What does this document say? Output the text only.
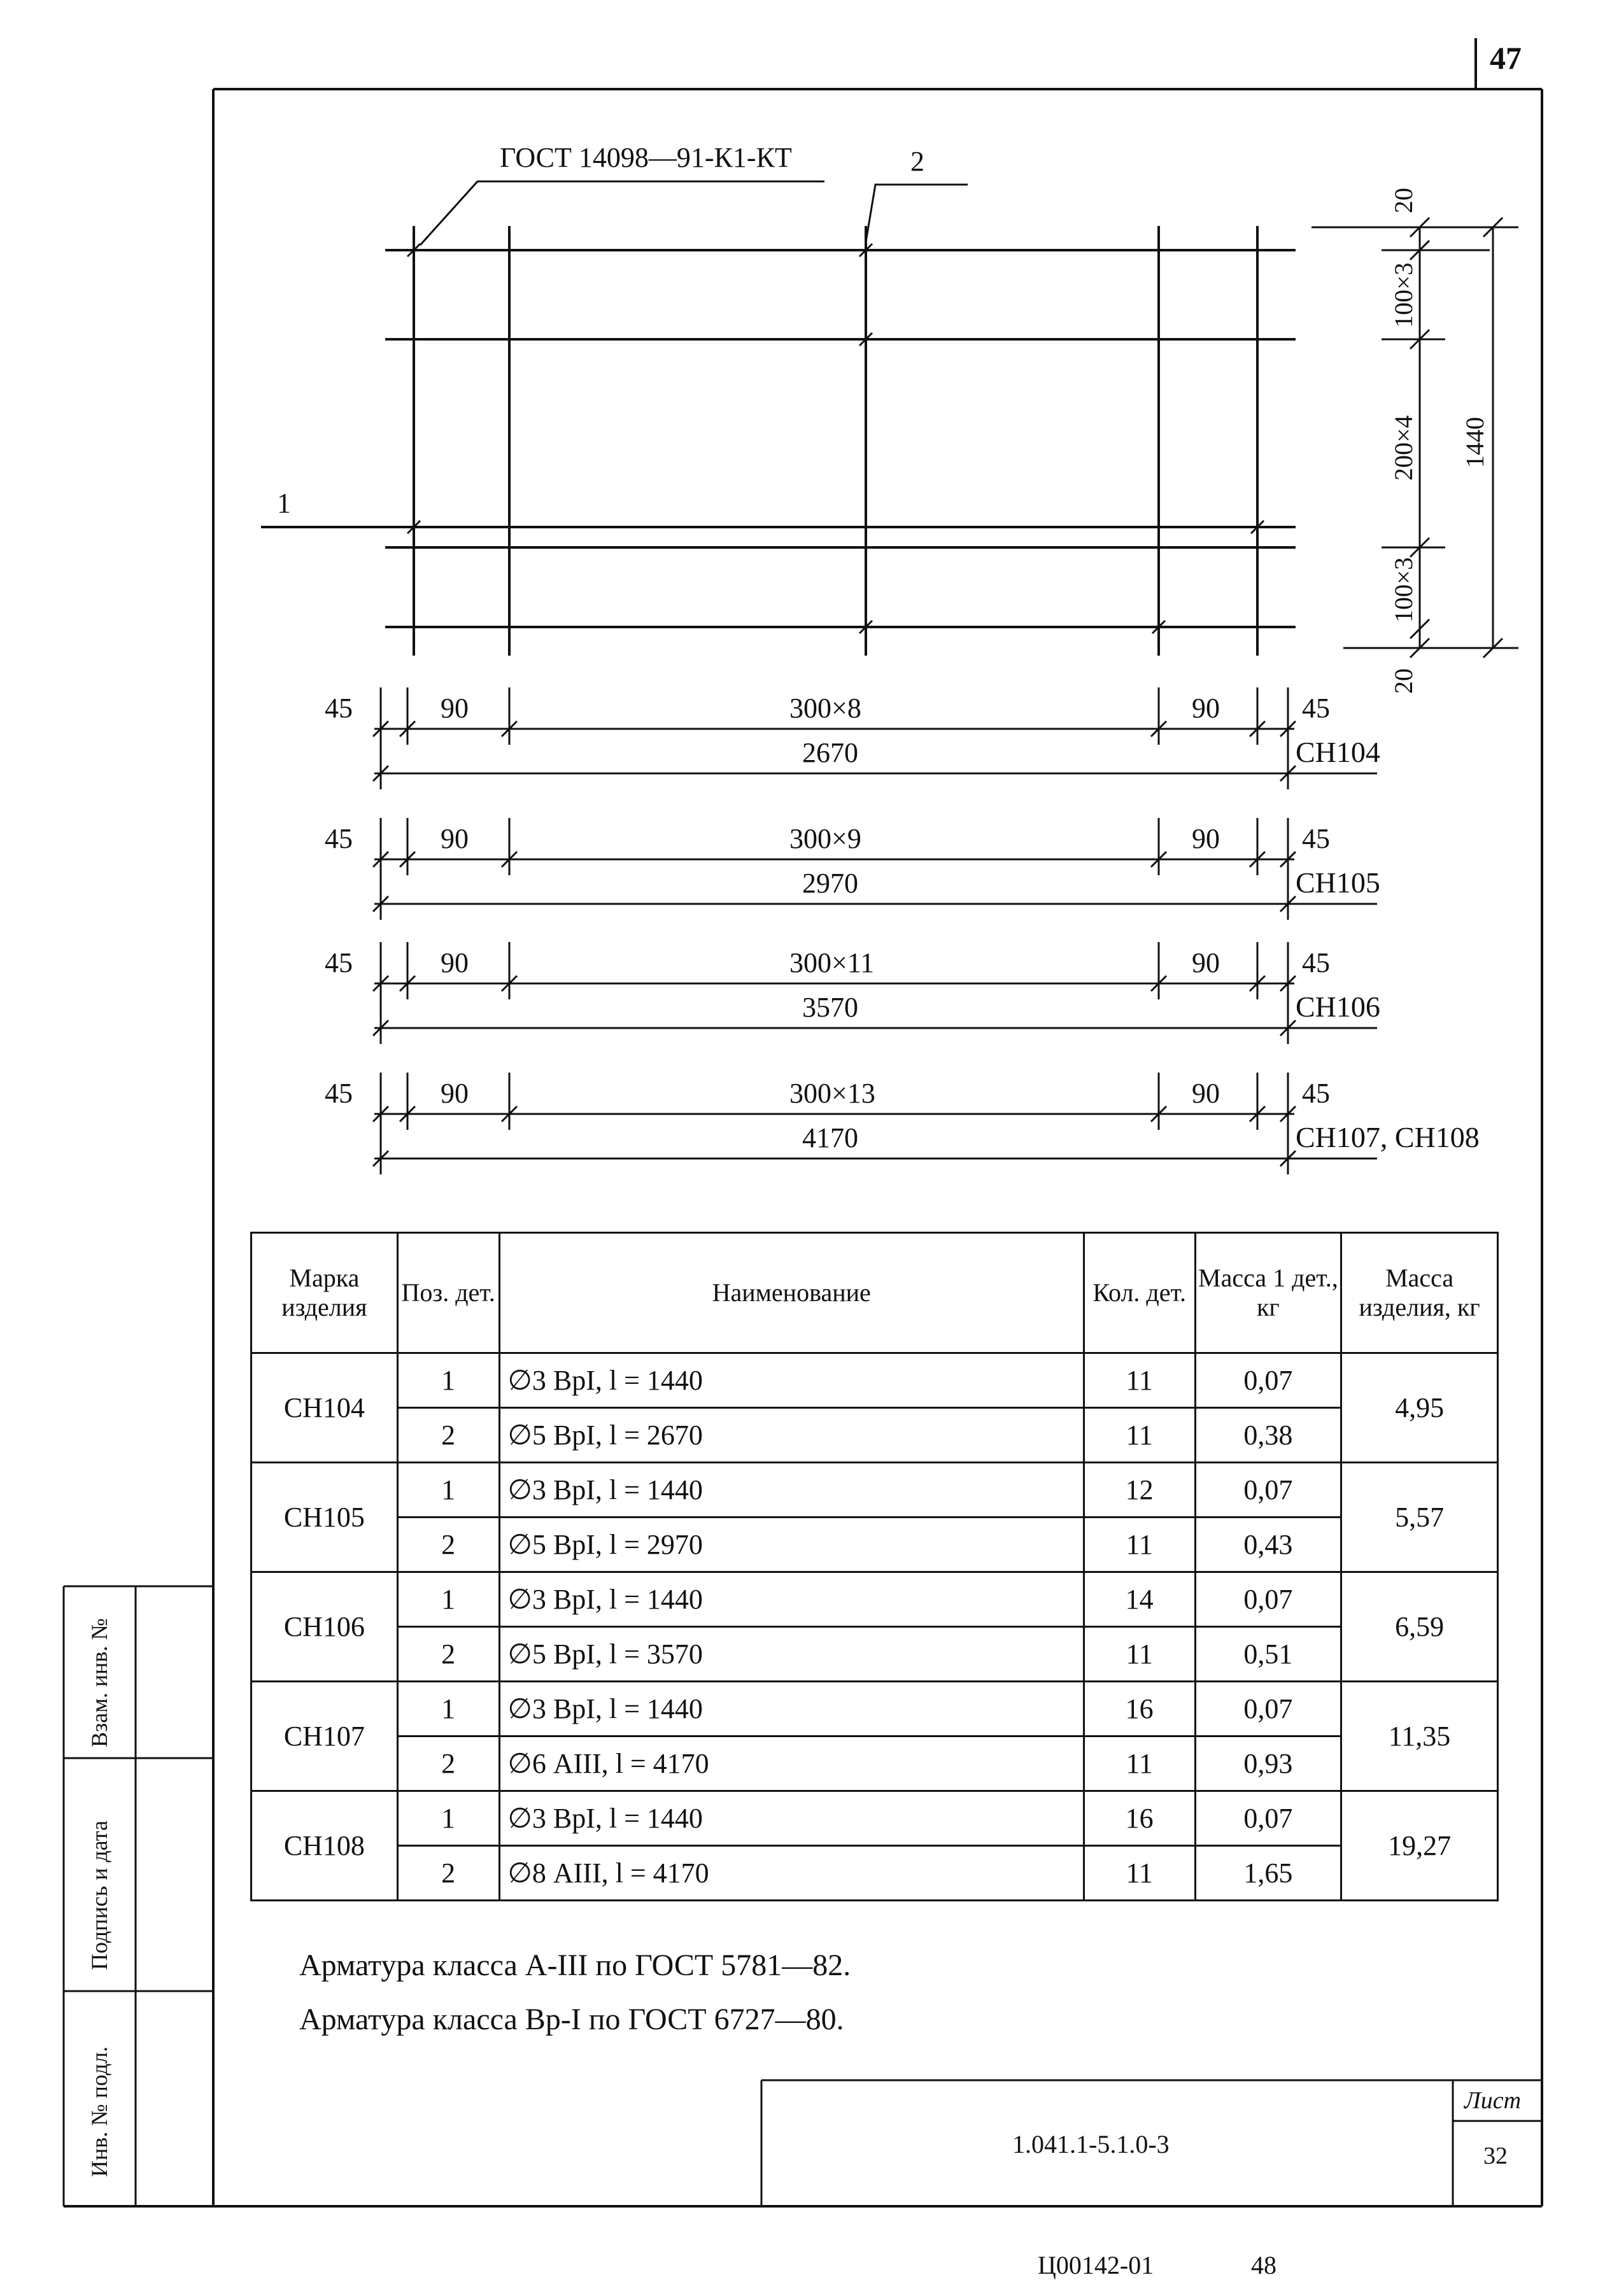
ГОСТ 14098—91-К1-КТ	2
1
20
100×3
200×4
100×3
20
1440
45	90	300×8	90	45
2670	СН104
45	90	300×9	90	45
2970	СН105
45	90	300×11	90	45
3570	СН106
45	90	300×13	90	45
4170	СН107, СН108
Марка изделия	Поз. дет.	Наименование	Кол. дет.	Масса 1 дет., кг	Масса изделия, кг
СН104	1	∅3 ВрI, l = 1440	11	0,07	4,95
	2	∅5 ВрI, l = 2670	11	0,38	
СН105	1	∅3 ВрI, l = 1440	12	0,07	5,57
	2	∅5 ВрI, l = 2970	11	0,43	
СН106	1	∅3 ВрI, l = 1440	14	0,07	6,59
	2	∅5 ВрI, l = 3570	11	0,51	
СН107	1	∅3 ВрI, l = 1440	16	0,07	11,35
	2	∅6 АIII, l = 4170	11	0,93	
СН108	1	∅3 ВрI, l = 1440	16	0,07	19,27
	2	∅8 АIII, l = 4170	11	1,65	
Арматура класса А-III по ГОСТ 5781—82.
Арматура класса Вр-I по ГОСТ 6727—80.
47
Взам. инв. №
Подпись и дата
Инв. № подл.	1.041.1-5.1.0-3
Лист
32
Ц00142-01	48
